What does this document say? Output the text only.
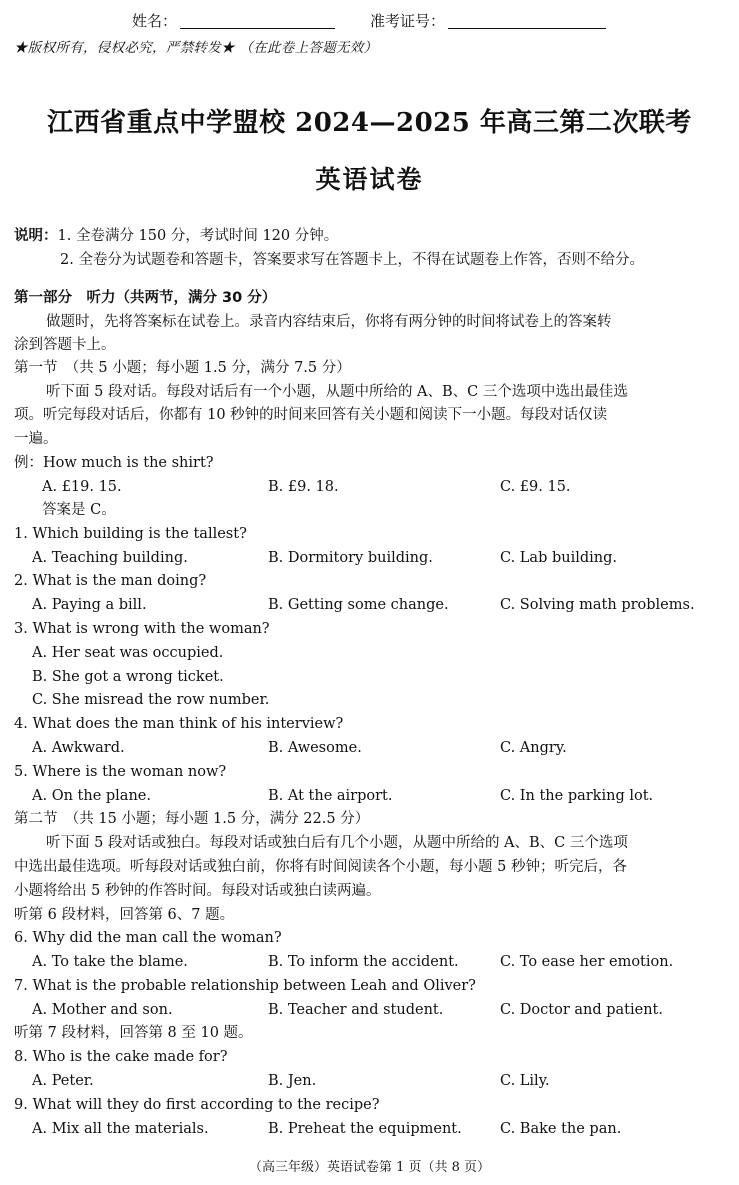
姓名：	准考证号：
★版权所有，侵权必究，严禁转发★ （在此卷上答题无效）
江西省重点中学盟校 2024—2025 年高三第二次联考
英语试卷
说明：1. 全卷满分 150 分，考试时间 120 分钟。
2. 全卷分为试题卷和答题卡，答案要求写在答题卡上，不得在试题卷上作答，否则不给分。
第一部分　听力（共两节，满分 30 分）
做题时，先将答案标在试卷上。录音内容结束后，你将有两分钟的时间将试卷上的答案转
涂到答题卡上。
第一节　（共 5 小题；每小题 1.5 分，满分 7.5 分）
听下面 5 段对话。每段对话后有一个小题，从题中所给的 A、B、C 三个选项中选出最佳选
项。听完每段对话后，你都有 10 秒钟的时间来回答有关小题和阅读下一小题。每段对话仅读
一遍。
例：How much is the shirt?
A. £19. 15.	B. £9. 18.	C. £9. 15.
答案是 C。
1. Which building is the tallest?
A. Teaching building.	B. Dormitory building.	C. Lab building.
2. What is the man doing?
A. Paying a bill.	B. Getting some change.	C. Solving math problems.
3. What is wrong with the woman?
A. Her seat was occupied.
B. She got a wrong ticket.
C. She misread the row number.
4. What does the man think of his interview?
A. Awkward.	B. Awesome.	C. Angry.
5. Where is the woman now?
A. On the plane.	B. At the airport.	C. In the parking lot.
第二节　（共 15 小题；每小题 1.5 分，满分 22.5 分）
听下面 5 段对话或独白。每段对话或独白后有几个小题，从题中所给的 A、B、C 三个选项
中选出最佳选项。听每段对话或独白前，你将有时间阅读各个小题，每小题 5 秒钟；听完后，各
小题将给出 5 秒钟的作答时间。每段对话或独白读两遍。
听第 6 段材料，回答第 6、7 题。
6. Why did the man call the woman?
A. To take the blame.	B. To inform the accident.	C. To ease her emotion.
7. What is the probable relationship between Leah and Oliver?
A. Mother and son.	B. Teacher and student.	C. Doctor and patient.
听第 7 段材料，回答第 8 至 10 题。
8. Who is the cake made for?
A. Peter.	B. Jen.	C. Lily.
9. What will they do first according to the recipe?
A. Mix all the materials.	B. Preheat the equipment.	C. Bake the pan.
（高三年级）英语试卷第 1 页（共 8 页）
